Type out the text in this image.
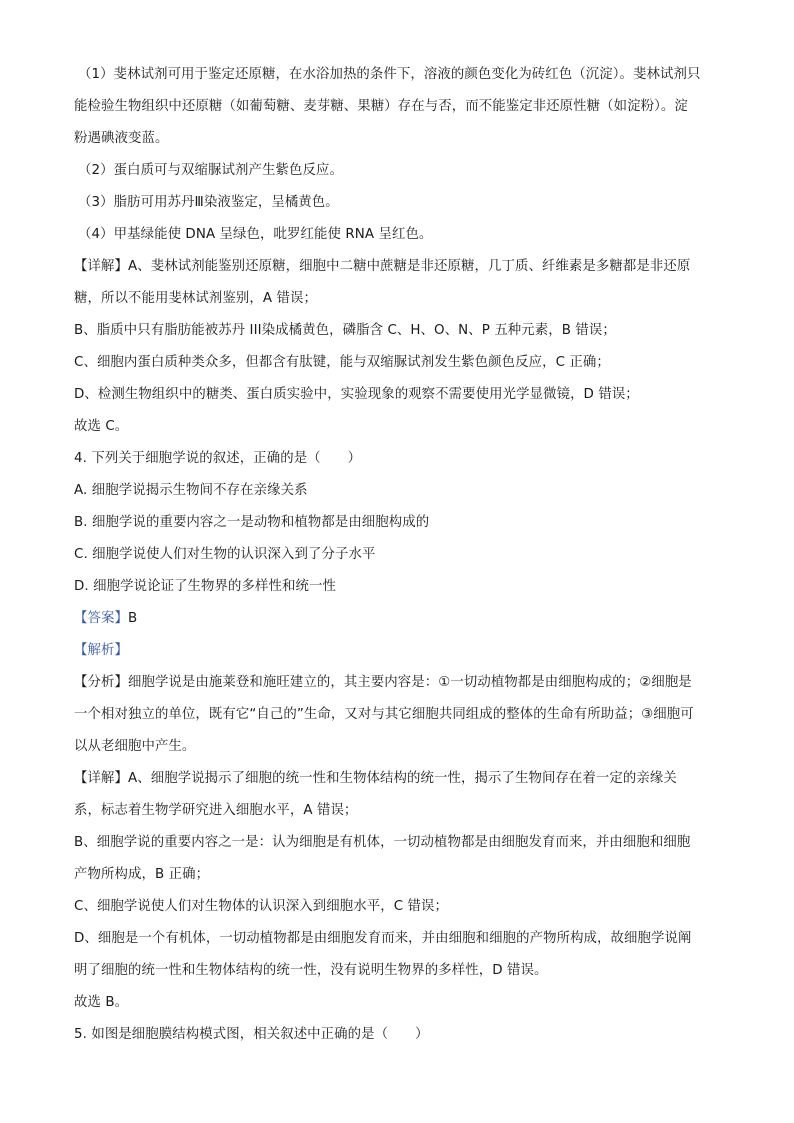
（1）斐林试剂可用于鉴定还原糖，在水浴加热的条件下，溶液的颜色变化为砖红色（沉淀）。斐林试剂只
能检验生物组织中还原糖（如葡萄糖、麦芽糖、果糖）存在与否，而不能鉴定非还原性糖（如淀粉）。淀
粉遇碘液变蓝。
（2）蛋白质可与双缩脲试剂产生紫色反应。
（3）脂肪可用苏丹Ⅲ染液鉴定，呈橘黄色。
（4）甲基绿能使 DNA 呈绿色，吡罗红能使 RNA 呈红色。
【详解】A、斐林试剂能鉴别还原糖，细胞中二糖中蔗糖是非还原糖，几丁质、纤维素是多糖都是非还原
糖，所以不能用斐林试剂鉴别，A 错误；
B、脂质中只有脂肪能被苏丹 III染成橘黄色，磷脂含 C、H、O、N、P 五种元素，B 错误；
C、细胞内蛋白质种类众多，但都含有肽键，能与双缩脲试剂发生紫色颜色反应，C 正确；
D、检测生物组织中的糖类、蛋白质实验中，实验现象的观察不需要使用光学显微镜，D 错误；
故选 C。
4. 下列关于细胞学说的叙述，正确的是（　　）
A. 细胞学说揭示生物间不存在亲缘关系
B. 细胞学说的重要内容之一是动物和植物都是由细胞构成的
C. 细胞学说使人们对生物的认识深入到了分子水平
D. 细胞学说论证了生物界的多样性和统一性
【答案】B
【解析】
【分析】细胞学说是由施莱登和施旺建立的，其主要内容是：①一切动植物都是由细胞构成的；②细胞是
一个相对独立的单位，既有它“自己的”生命，又对与其它细胞共同组成的整体的生命有所助益；③细胞可
以从老细胞中产生。
【详解】A、细胞学说揭示了细胞的统一性和生物体结构的统一性，揭示了生物间存在着一定的亲缘关
系，标志着生物学研究进入细胞水平，A 错误；
B、细胞学说的重要内容之一是：认为细胞是有机体，一切动植物都是由细胞发育而来，并由细胞和细胞
产物所构成，B 正确；
C、细胞学说使人们对生物体的认识深入到细胞水平，C 错误；
D、细胞是一个有机体，一切动植物都是由细胞发育而来，并由细胞和细胞的产物所构成，故细胞学说阐
明了细胞的统一性和生物体结构的统一性，没有说明生物界的多样性，D 错误。
故选 B。
5. 如图是细胞膜结构模式图，相关叙述中正确的是（　　）
